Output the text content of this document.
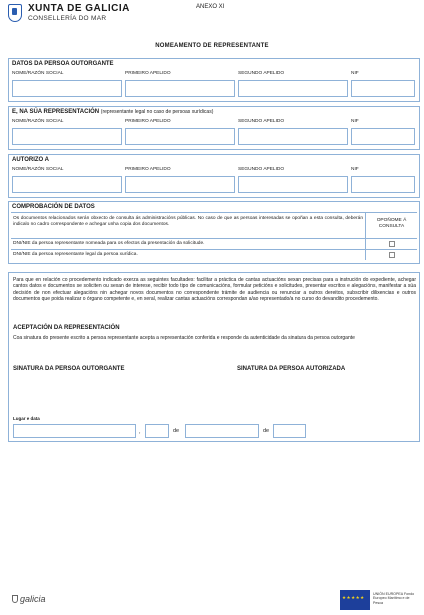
XUNTA DE GALICIA
CONSELLERÍA DO MAR
ANEXO XI
NOMEAMENTO DE REPRESENTANTE
DATOS DA PERSOA OUTORGANTE
NOME/RAZÓN SOCIAL	PRIMEIRO APELIDO	SEGUNDO APELIDO	NIF
E, NA SÚA REPRESENTACIÓN (representante legal no caso de persoas xurídicas)
NOME/RAZÓN SOCIAL	PRIMEIRO APELIDO	SEGUNDO APELIDO	NIF
AUTORIZO A
NOME/RAZÓN SOCIAL	PRIMEIRO APELIDO	SEGUNDO APELIDO	NIF
COMPROBACIÓN DE DATOS
Os documentos relacionados serán obxecto de consulta ás administracións públicas. No caso de que as persoas interesadas se opoñan a esta consulta, deberán indicalo no cadro correspondente e achegar unha copia dos documentos.
OPOÑOME Á CONSULTA
DNI/NIE da persoa representante nomeada para os efectos da presentación da solicitude.
DNI/NIE da persoa representante legal da persoa xurídica.
Para que en relación co procedemento indicado exerza as seguintes facultades: facilitar a práctica de cantas actuacións sexan precisas para a instrución do expediente, achegar cantos datos e documentos se soliciten ou sexan de interese, recibir todo tipo de comunicacións, formular peticións e solicitudes, presentar escritos e alegacións, manifestar a súa decisión de non efectuar alegacións nin achegar novos documentos no correspondente trámite de audiencia ou renunciar a outros dereitos, subscribir dilixencias e outros documentos que poida realizar o órgano competente e, en xeral, realizar cantas actuacións correspondan a/ao representado/a no curso do devandito procedemento.
ACEPTACIÓN DA REPRESENTACIÓN
Coa sinatura do presente escrito a persoa representante acepta a representación conferida e responde da autenticidade da sinatura da persoa outorgante
SINATURA DA PERSOA OUTORGANTE	SINATURA DA PERSOA AUTORIZADA
Lugar e data
,	de	de
galicia
★★★★★	UNIÓN EUROPEA Fondo Europeo Marítimo e de Pesca
